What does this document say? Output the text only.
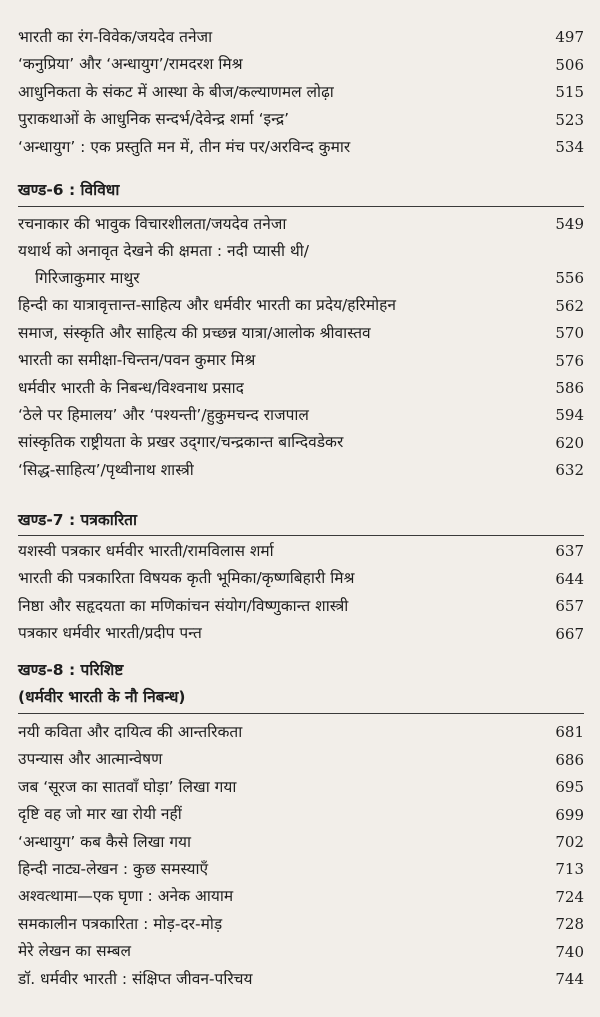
भारती का रंग-विवेक/जयदेव तनेजा	497
‘कनुप्रिया’ और ‘अन्धायुग’/रामदरश मिश्र	506
आधुनिकता के संकट में आस्था के बीज/कल्याणमल लोढ़ा	515
पुराकथाओं के आधुनिक सन्दर्भ/देवेन्द्र शर्मा ‘इन्द्र’	523
‘अन्धायुग’ : एक प्रस्तुति मन में, तीन मंच पर/अरविन्द कुमार	534
खण्ड-6 : विविधा
रचनाकार की भावुक विचारशीलता/जयदेव तनेजा	549
यथार्थ को अनावृत देखने की क्षमता : नदी प्यासी थी/
गिरिजाकुमार माथुर	556
हिन्दी का यात्रावृत्तान्त-साहित्य और धर्मवीर भारती का प्रदेय/हरिमोहन	562
समाज, संस्कृति और साहित्य की प्रच्छन्न यात्रा/आलोक श्रीवास्तव	570
भारती का समीक्षा-चिन्तन/पवन कुमार मिश्र	576
धर्मवीर भारती के निबन्ध/विश्वनाथ प्रसाद	586
‘ठेले पर हिमालय’ और ‘पश्यन्ती’/हुकुमचन्द राजपाल	594
सांस्कृतिक राष्ट्रीयता के प्रखर उद्‌गार/चन्द्रकान्त बान्दिवडेकर	620
‘सिद्ध-साहित्य’/पृथ्वीनाथ शास्त्री	632
खण्ड-7 : पत्रकारिता
यशस्वी पत्रकार धर्मवीर भारती/रामविलास शर्मा	637
भारती की पत्रकारिता विषयक कृती भूमिका/कृष्णबिहारी मिश्र	644
निष्ठा और सहृदयता का मणिकांचन संयोग/विष्णुकान्त शास्त्री	657
पत्रकार धर्मवीर भारती/प्रदीप पन्त	667
खण्ड-8 : परिशिष्ट
(धर्मवीर भारती के नौ निबन्ध)
नयी कविता और दायित्व की आन्तरिकता	681
उपन्यास और आत्मान्वेषण	686
जब ‘सूरज का सातवाँ घोड़ा’ लिखा गया	695
दृष्टि वह जो मार खा रोयी नहीं	699
‘अन्धायुग’ कब कैसे लिखा गया	702
हिन्दी नाट्य-लेखन : कुछ समस्याएँ	713
अश्वत्थामा—एक घृणा : अनेक आयाम	724
समकालीन पत्रकारिता : मोड़-दर-मोड़	728
मेरे लेखन का सम्बल	740
डॉ. धर्मवीर भारती : संक्षिप्त जीवन-परिचय	744
